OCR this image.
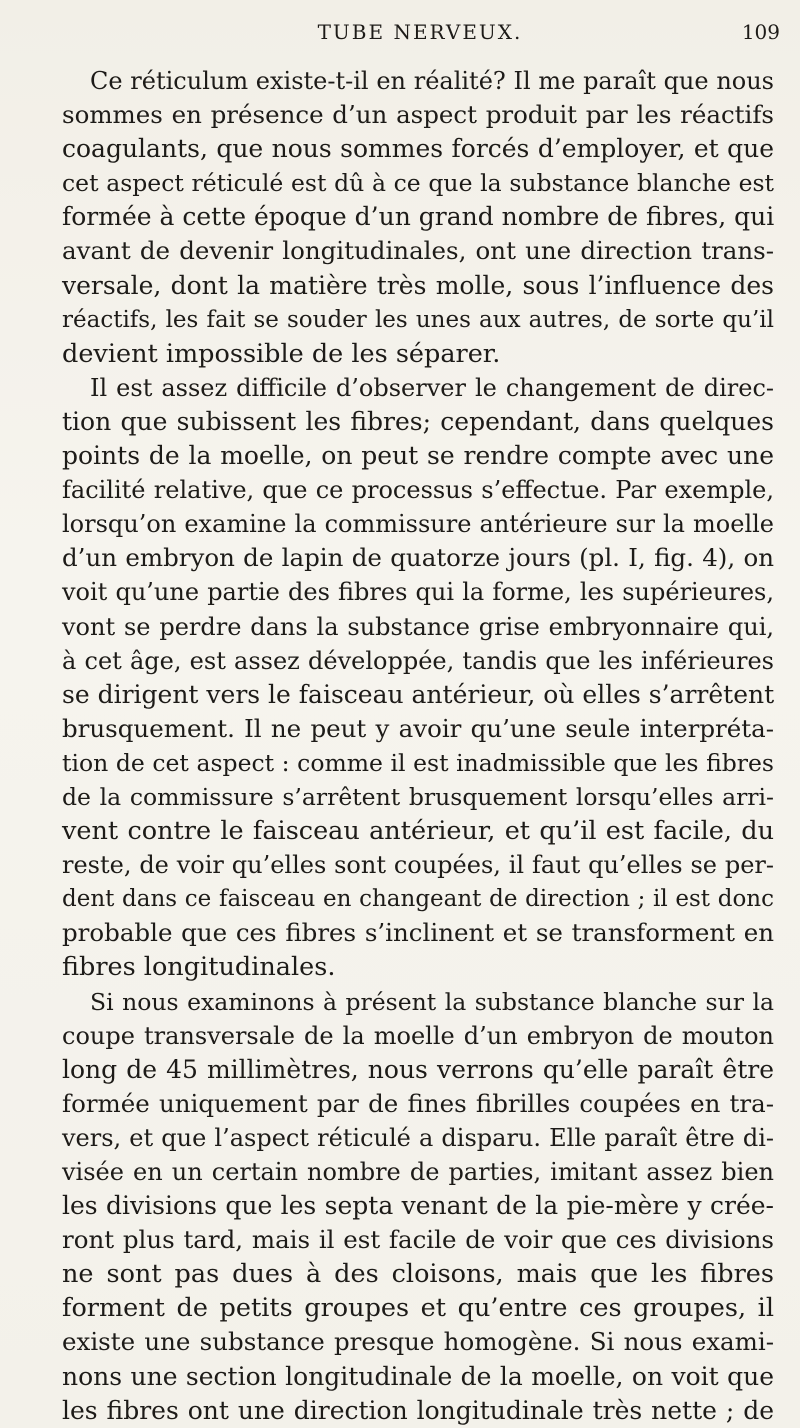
TUBE NERVEUX.	109
Ce réticulum existe-t-il en réalité? Il me paraît que nous
sommes en présence d’un aspect produit par les réactifs
coagulants, que nous sommes forcés d’employer, et que
cet aspect réticulé est dû à ce que la substance blanche est
formée à cette époque d’un grand nombre de fibres, qui
avant de devenir longitudinales, ont une direction trans-
versale, dont la matière très molle, sous l’influence des
réactifs, les fait se souder les unes aux autres, de sorte qu’il
devient impossible de les séparer.
Il est assez difficile d’observer le changement de direc-
tion que subissent les fibres; cependant, dans quelques
points de la moelle, on peut se rendre compte avec une
facilité relative, que ce processus s’effectue. Par exemple,
lorsqu’on examine la commissure antérieure sur la moelle
d’un embryon de lapin de quatorze jours (pl. I, fig. 4), on
voit qu’une partie des fibres qui la forme, les supérieures,
vont se perdre dans la substance grise embryonnaire qui,
à cet âge, est assez développée, tandis que les inférieures
se dirigent vers le faisceau antérieur, où elles s’arrêtent
brusquement. Il ne peut y avoir qu’une seule interpréta-
tion de cet aspect : comme il est inadmissible que les fibres
de la commissure s’arrêtent brusquement lorsqu’elles arri-
vent contre le faisceau antérieur, et qu’il est facile, du
reste, de voir qu’elles sont coupées, il faut qu’elles se per-
dent dans ce faisceau en changeant de direction ; il est donc
probable que ces fibres s’inclinent et se transforment en
fibres longitudinales.
Si nous examinons à présent la substance blanche sur la
coupe transversale de la moelle d’un embryon de mouton
long de 45 millimètres, nous verrons qu’elle paraît être
formée uniquement par de fines fibrilles coupées en tra-
vers, et que l’aspect réticulé a disparu. Elle paraît être di-
visée en un certain nombre de parties, imitant assez bien
les divisions que les septa venant de la pie-mère y crée-
ront plus tard, mais il est facile de voir que ces divisions
ne sont pas dues à des cloisons, mais que les fibres
forment de petits groupes et qu’entre ces groupes, il
existe une substance presque homogène. Si nous exami-
nons une section longitudinale de la moelle, on voit que
les fibres ont une direction longitudinale très nette ; de
